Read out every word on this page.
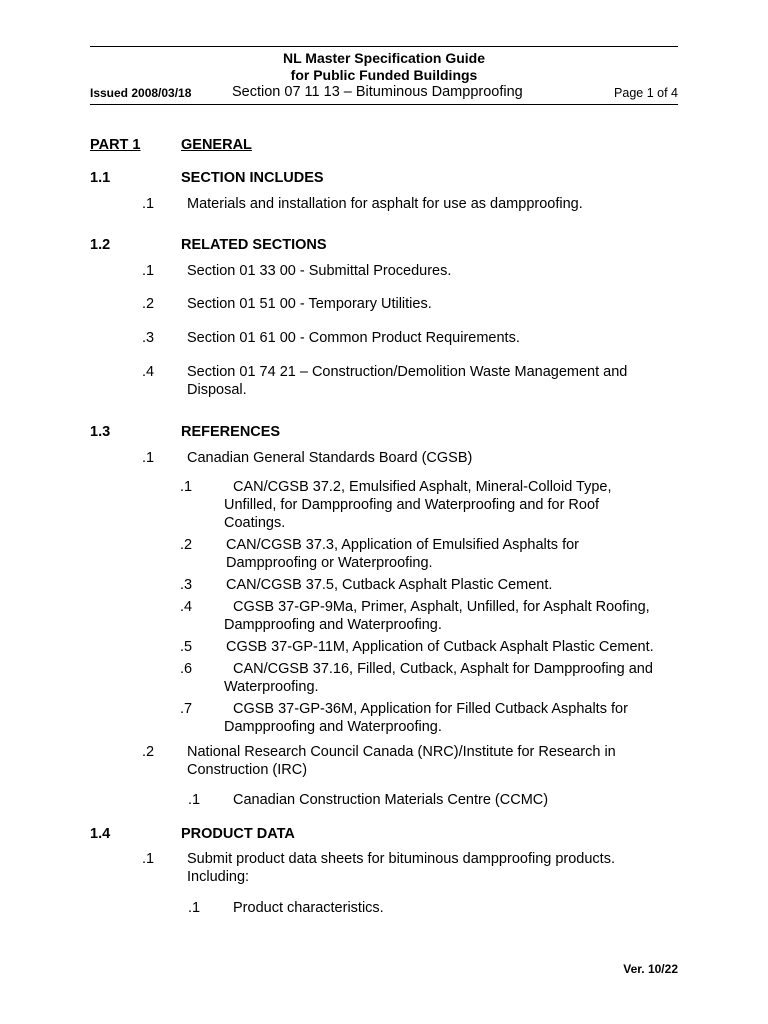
NL Master Specification Guide
for Public Funded Buildings
Issued 2008/03/18	Section 07 11 13 – Bituminous Dampproofing	Page 1 of 4
PART 1	GENERAL
1.1	SECTION INCLUDES
.1 Materials and installation for asphalt for use as dampproofing.
1.2	RELATED SECTIONS
.1 Section 01 33 00 - Submittal Procedures.
.2 Section 01 51 00 - Temporary Utilities.
.3 Section 01 61 00 - Common Product Requirements.
.4 Section 01 74 21 – Construction/Demolition Waste Management and Disposal.
1.3	REFERENCES
.1 Canadian General Standards Board (CGSB)
.1	CAN/CGSB 37.2, Emulsified Asphalt, Mineral-Colloid Type, Unfilled, for Dampproofing and Waterproofing and for Roof Coatings.
.2 CAN/CGSB 37.3, Application of Emulsified Asphalts for Dampproofing or Waterproofing.
.3 CAN/CGSB 37.5, Cutback Asphalt Plastic Cement.
.4	CGSB 37-GP-9Ma, Primer, Asphalt, Unfilled, for Asphalt Roofing, Dampproofing and Waterproofing.
.5 CGSB 37-GP-11M, Application of Cutback Asphalt Plastic Cement.
.6	CAN/CGSB 37.16, Filled, Cutback, Asphalt for Dampproofing and Waterproofing.
.7	CGSB 37-GP-36M, Application for Filled Cutback Asphalts for Dampproofing and Waterproofing.
.2 National Research Council Canada (NRC)/Institute for Research in Construction (IRC)
.1 Canadian Construction Materials Centre (CCMC)
1.4	PRODUCT DATA
.1 Submit product data sheets for bituminous dampproofing products. Including:
.1 Product characteristics.
Ver. 10/22
